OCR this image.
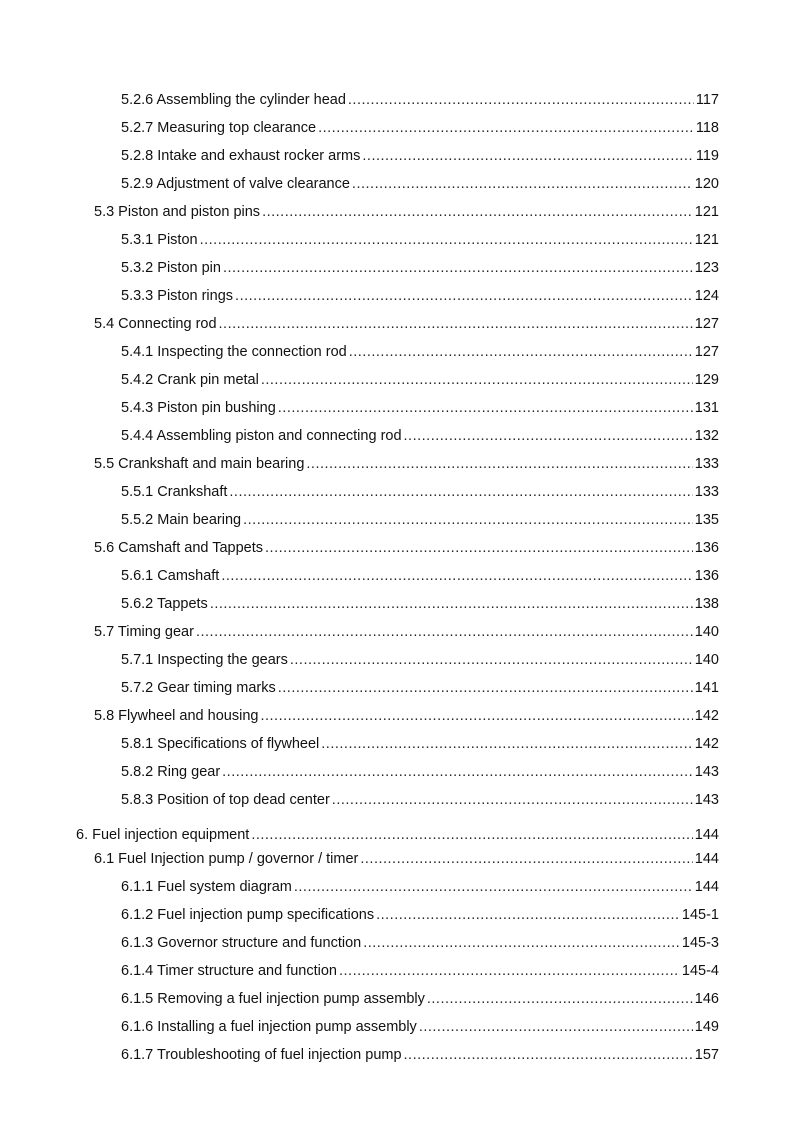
5.2.6 Assembling the cylinder head .....	117
5.2.7 Measuring top clearance .....	118
5.2.8 Intake and exhaust rocker arms .....	119
5.2.9 Adjustment of valve clearance .....	120
5.3 Piston and piston pins .....	121
5.3.1 Piston .....	121
5.3.2 Piston pin .....	123
5.3.3 Piston rings .....	124
5.4 Connecting rod .....	127
5.4.1 Inspecting the connection rod .....	127
5.4.2 Crank pin metal .....	129
5.4.3 Piston pin bushing .....	131
5.4.4 Assembling piston and connecting rod .....	132
5.5 Crankshaft and main bearing .....	133
5.5.1 Crankshaft .....	133
5.5.2 Main bearing .....	135
5.6 Camshaft and Tappets .....	136
5.6.1 Camshaft .....	136
5.6.2 Tappets .....	138
5.7 Timing gear .....	140
5.7.1 Inspecting the gears .....	140
5.7.2 Gear timing marks .....	141
5.8 Flywheel and housing .....	142
5.8.1 Specifications of flywheel .....	142
5.8.2 Ring gear .....	143
5.8.3 Position of top dead center .....	143
6. Fuel injection equipment .....	144
6.1 Fuel Injection pump / governor / timer .....	144
6.1.1 Fuel system diagram .....	144
6.1.2 Fuel injection pump specifications .....	145-1
6.1.3 Governor structure and function .....	145-3
6.1.4 Timer structure and function .....	145-4
6.1.5 Removing a fuel injection pump assembly .....	146
6.1.6 Installing a fuel injection pump assembly .....	149
6.1.7 Troubleshooting of fuel injection pump .....	157
